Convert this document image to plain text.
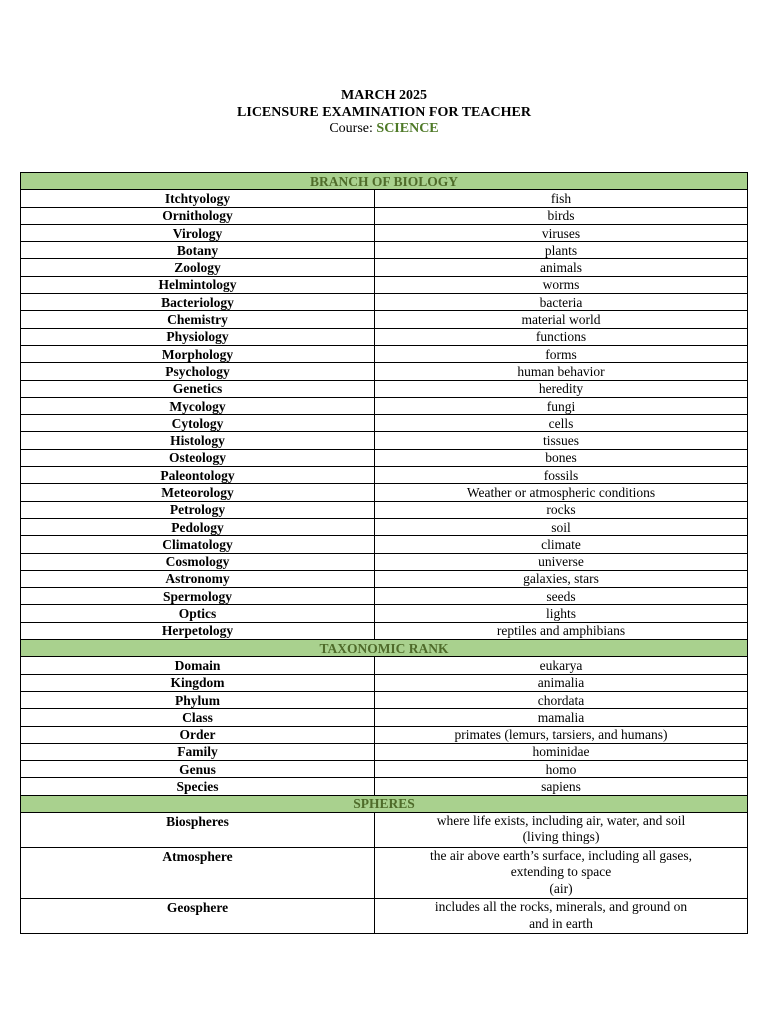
MARCH 2025
LICENSURE EXAMINATION FOR TEACHER
Course: SCIENCE
BRANCH OF BIOLOGY	
Itchtyology	fish
Ornithology	birds
Virology	viruses
Botany	plants
Zoology	animals
Helmintology	worms
Bacteriology	bacteria
Chemistry	material world
Physiology	functions
Morphology	forms
Psychology	human behavior
Genetics	heredity
Mycology	fungi
Cytology	cells
Histology	tissues
Osteology	bones
Paleontology	fossils
Meteorology	Weather or atmospheric conditions
Petrology	rocks
Pedology	soil
Climatology	climate
Cosmology	universe
Astronomy	galaxies, stars
Spermology	seeds
Optics	lights
Herpetology	reptiles and amphibians
TAXONOMIC RANK	
Domain	eukarya
Kingdom	animalia
Phylum	chordata
Class	mamalia
Order	primates (lemurs, tarsiers, and humans)
Family	hominidae
Genus	homo
Species	sapiens
SPHERES	
Biospheres	where life exists, including air, water, and soil
(living things)

Atmosphere	the air above earth’s surface, including all gases,
extending to space
(air)

Geosphere	includes all the rocks, minerals, and ground on
and in earth
